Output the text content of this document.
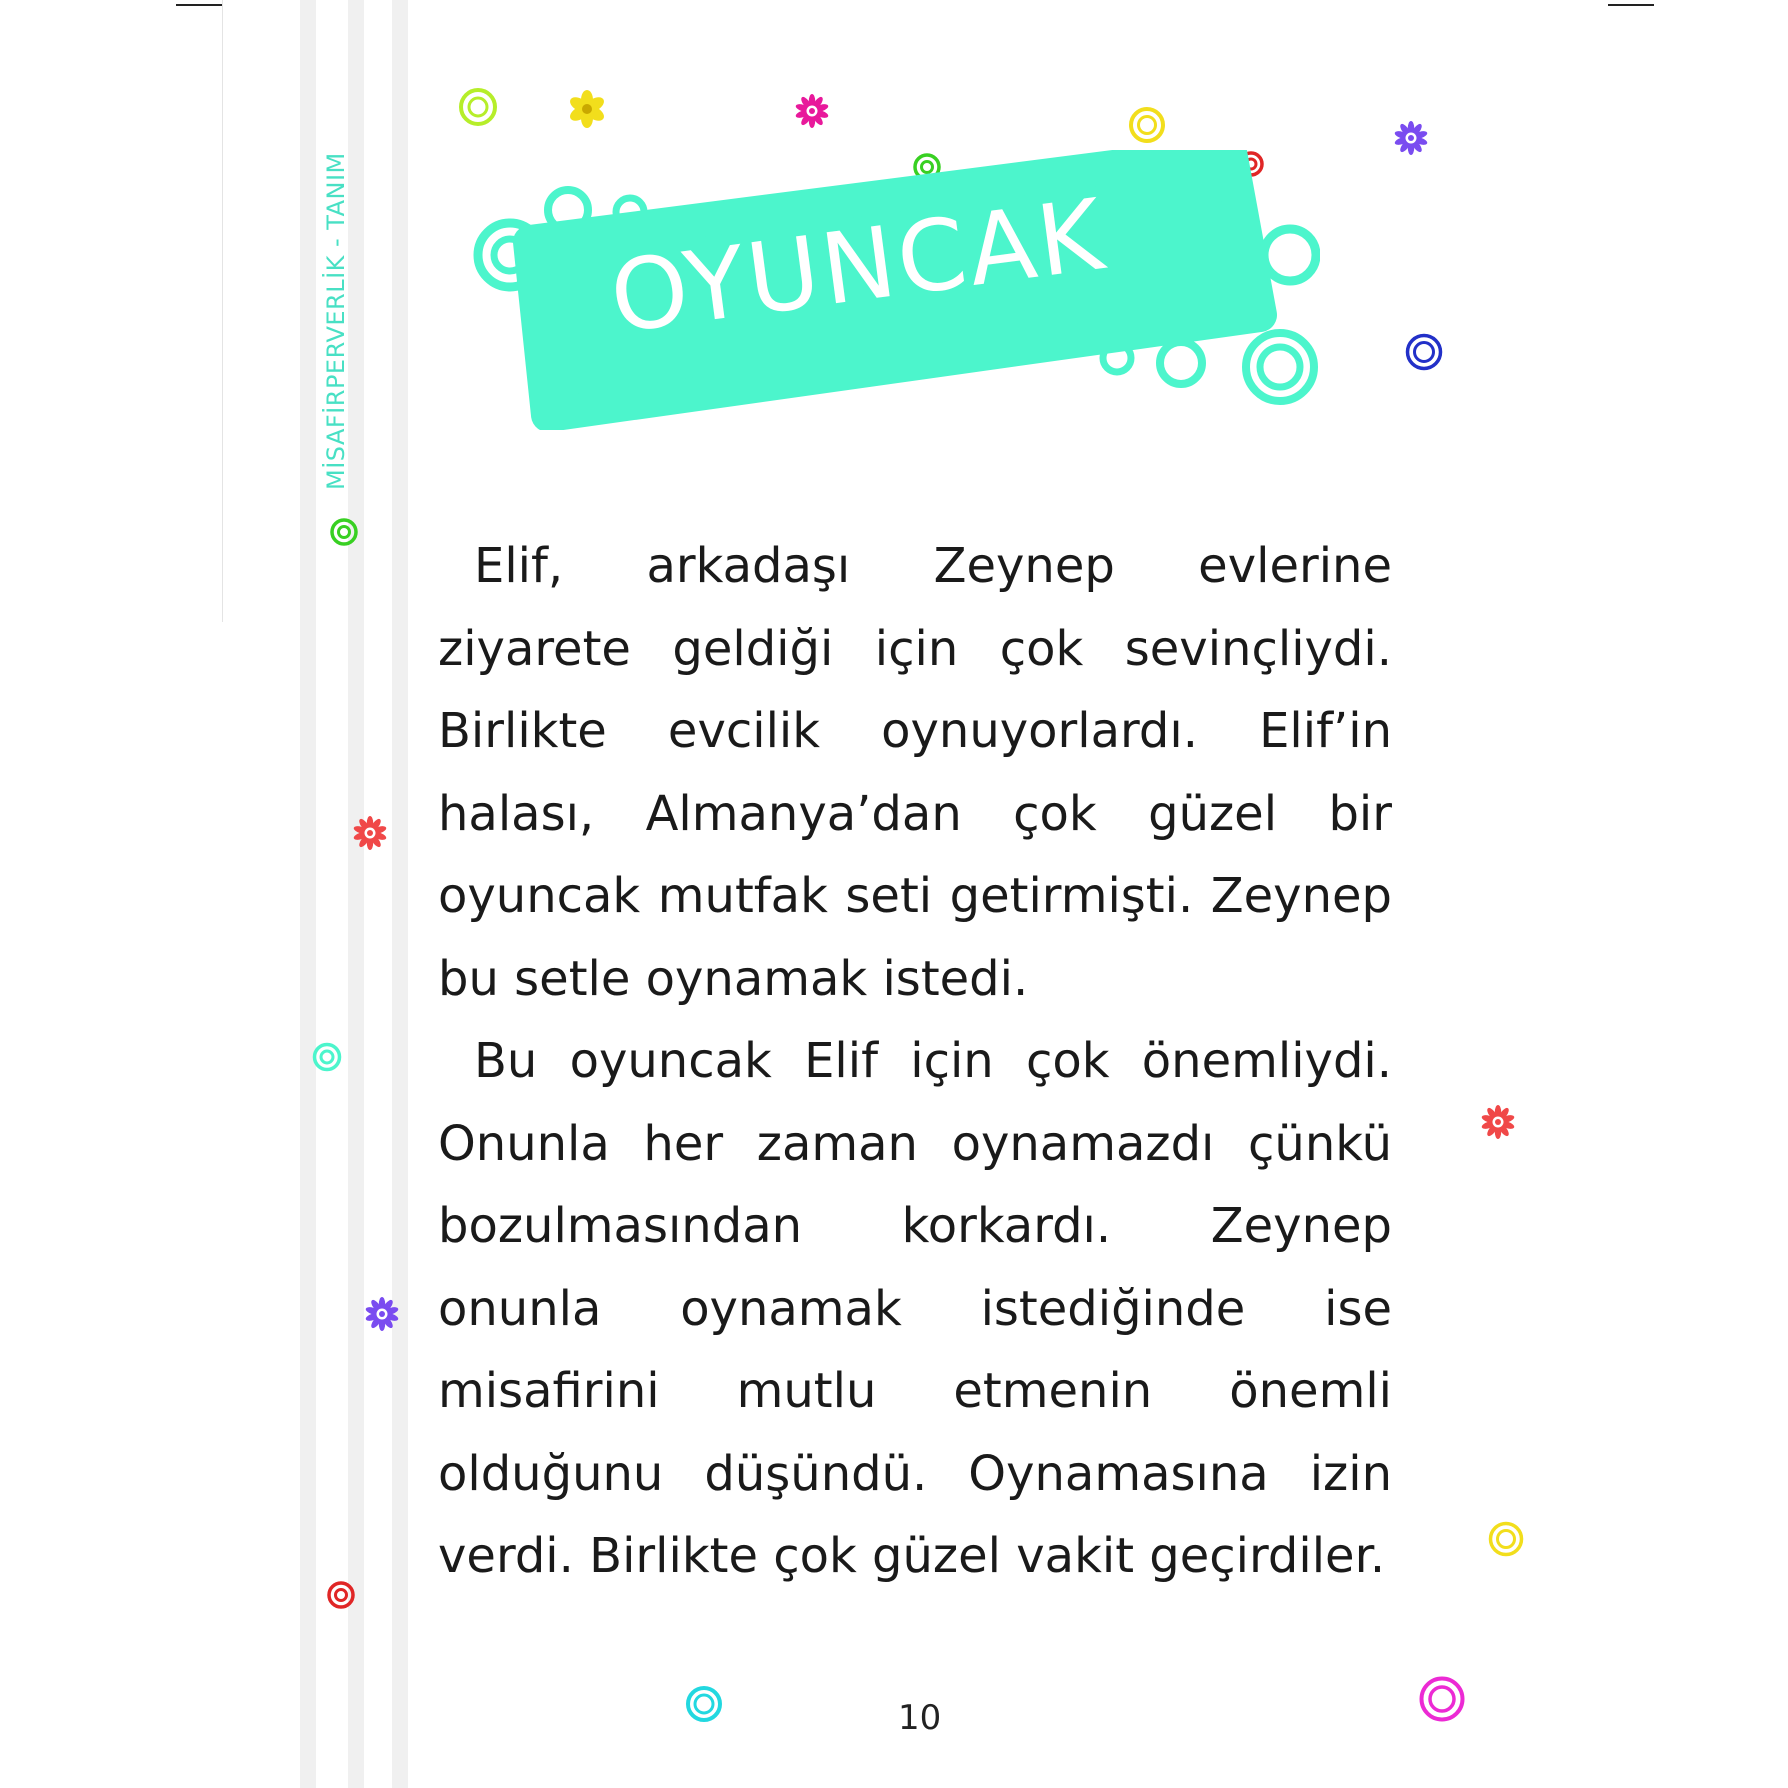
MİSAFİRPERVERLİK - TANIM	OYUNCAK

Elif, arkadaşı Zeynep evlerine ziyarete geldiği için çok sevinçliydi. Birlikte evcilik oynuyorlardı. Elif’in halası, Almanya’dan çok güzel bir oyuncak mutfak seti getirmişti. Zeynep bu setle oynamak istedi.

Bu oyuncak Elif için çok önemliydi. Onunla her zaman oynamazdı çünkü bozulmasından korkardı. Zeynep onunla oynamak istediğinde ise misafirini mutlu etmenin önemli olduğunu düşündü. Oynamasına izin verdi. Birlikte çok güzel vakit geçirdiler.

10
